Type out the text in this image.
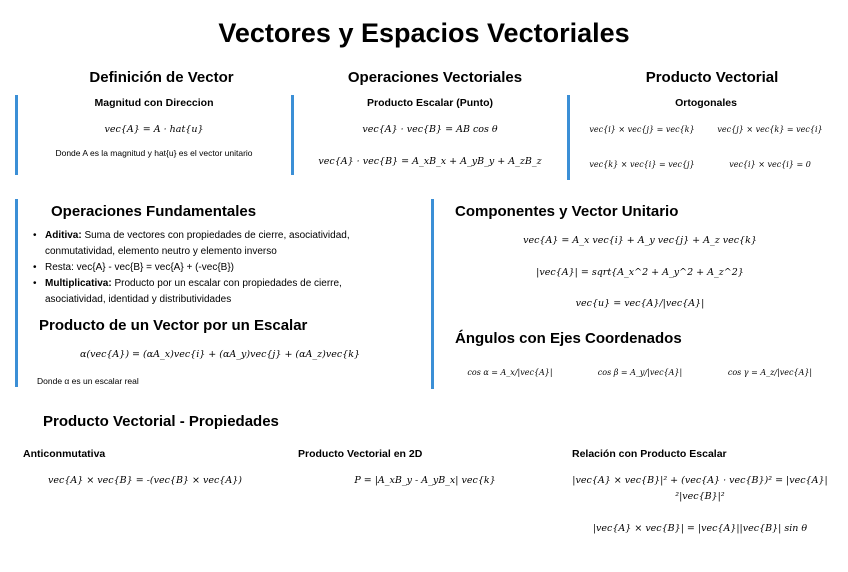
Vectores y Espacios Vectoriales
Definición de Vector
Magnitud con Direccion
vec{A} = A · hat{u}
Donde A es la magnitud y hat{u} es el vector unitario
Operaciones Vectoriales
Producto Escalar (Punto)
vec{A} · vec{B} = AB cos θ
vec{A} · vec{B} = A_xB_x + A_yB_y + A_zB_z
Producto Vectorial
Ortogonales
vec{i} × vec{j} = vec{k}	vec{j} × vec{k} = vec{i}
vec{k} × vec{i} = vec{j}	vec{i} × vec{i} = 0
Operaciones Fundamentales
• Aditiva: Suma de vectores con propiedades de cierre, asociatividad, conmutatividad, elemento neutro y elemento inverso
• Resta: vec{A} - vec{B} = vec{A} + (-vec{B})
• Multiplicativa: Producto por un escalar con propiedades de cierre, asociatividad, identidad y distributividades
Producto de un Vector por un Escalar
α(vec{A}) = (αA_x)vec{i} + (αA_y)vec{j} + (αA_z)vec{k}
Donde α es un escalar real
Componentes y Vector Unitario
vec{A} = A_x vec{i} + A_y vec{j} + A_z vec{k}
|vec{A}| = sqrt{A_x^2 + A_y^2 + A_z^2}
vec{u} = vec{A}/|vec{A}|
Ángulos con Ejes Coordenados
cos α = A_x/|vec{A}|	cos β = A_y/|vec{A}|	cos γ = A_z/|vec{A}|
Producto Vectorial - Propiedades
Anticonmutativa
vec{A} × vec{B} = -(vec{B} × vec{A})
Producto Vectorial en 2D
P = |A_xB_y - A_yB_x| vec{k}
Relación con Producto Escalar
|vec{A} × vec{B}|² + (vec{A} · vec{B})² = |vec{A}|
²|vec{B}|²
|vec{A} × vec{B}| = |vec{A}||vec{B}| sin θ
